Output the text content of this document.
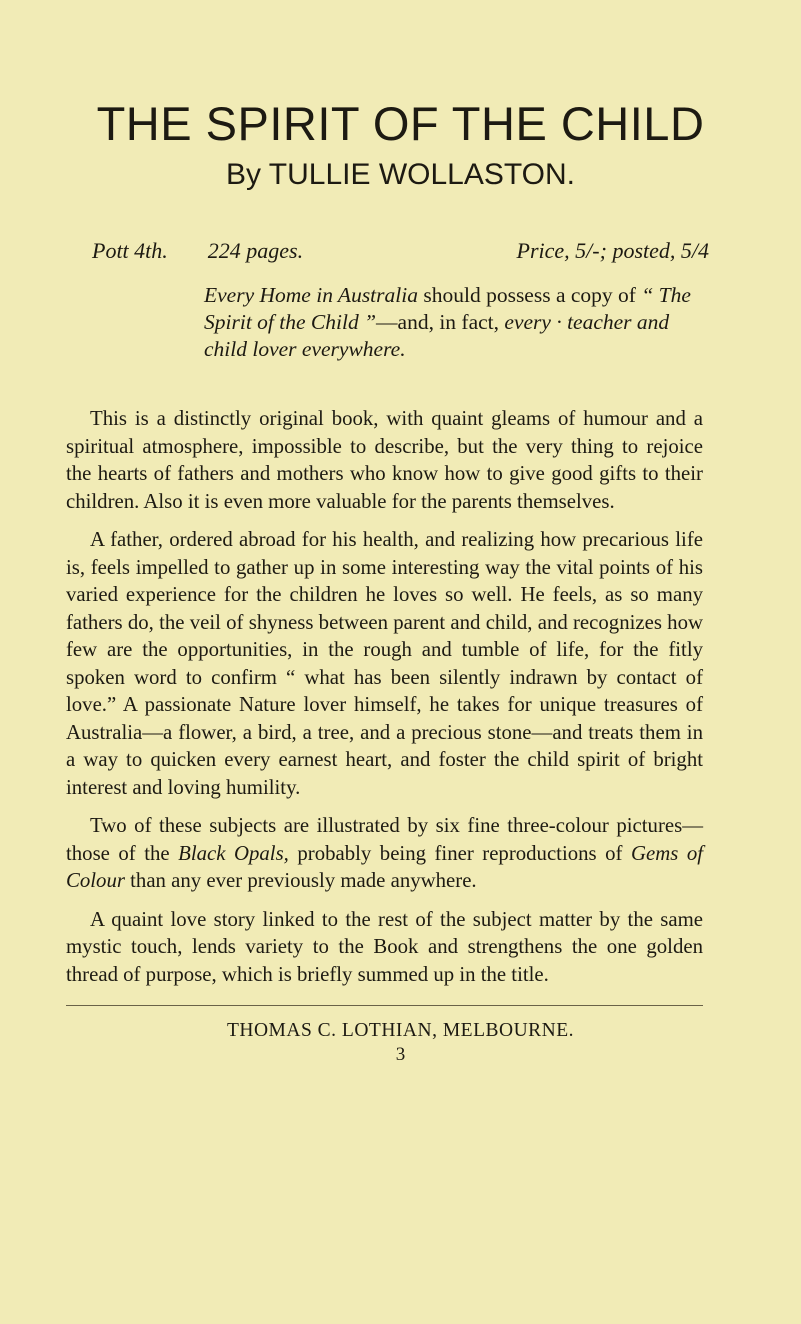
THE SPIRIT OF THE CHILD
By TULLIE WOLLASTON.
Pott 4th. 224 pages.	Price, 5/-; posted, 5/4

Every Home in Australia should possess a copy of “ The Spirit of the Child ”—and, in fact, every · teacher and child lover everywhere.

This is a distinctly original book, with quaint gleams of humour and a spiritual atmosphere, impossible to describe, but the very thing to rejoice the hearts of fathers and mothers who know how to give good gifts to their children. Also it is even more valuable for the parents themselves.

A father, ordered abroad for his health, and realizing how precarious life is, feels impelled to gather up in some interesting way the vital points of his varied experience for the children he loves so well. He feels, as so many fathers do, the veil of shyness between parent and child, and recognizes how few are the opportunities, in the rough and tumble of life, for the fitly spoken word to confirm “ what has been silently indrawn by contact of love.” A passionate Nature lover himself, he takes for unique treasures of Australia—a flower, a bird, a tree, and a precious stone—and treats them in a way to quicken every earnest heart, and foster the child spirit of bright interest and loving humility.

Two of these subjects are illustrated by six fine three-colour pictures—those of the Black Opals, probably being finer reproductions of Gems of Colour than any ever previously made anywhere.

A quaint love story linked to the rest of the subject matter by the same mystic touch, lends variety to the Book and strengthens the one golden thread of purpose, which is briefly summed up in the title.

THOMAS C. LOTHIAN, MELBOURNE.
3
